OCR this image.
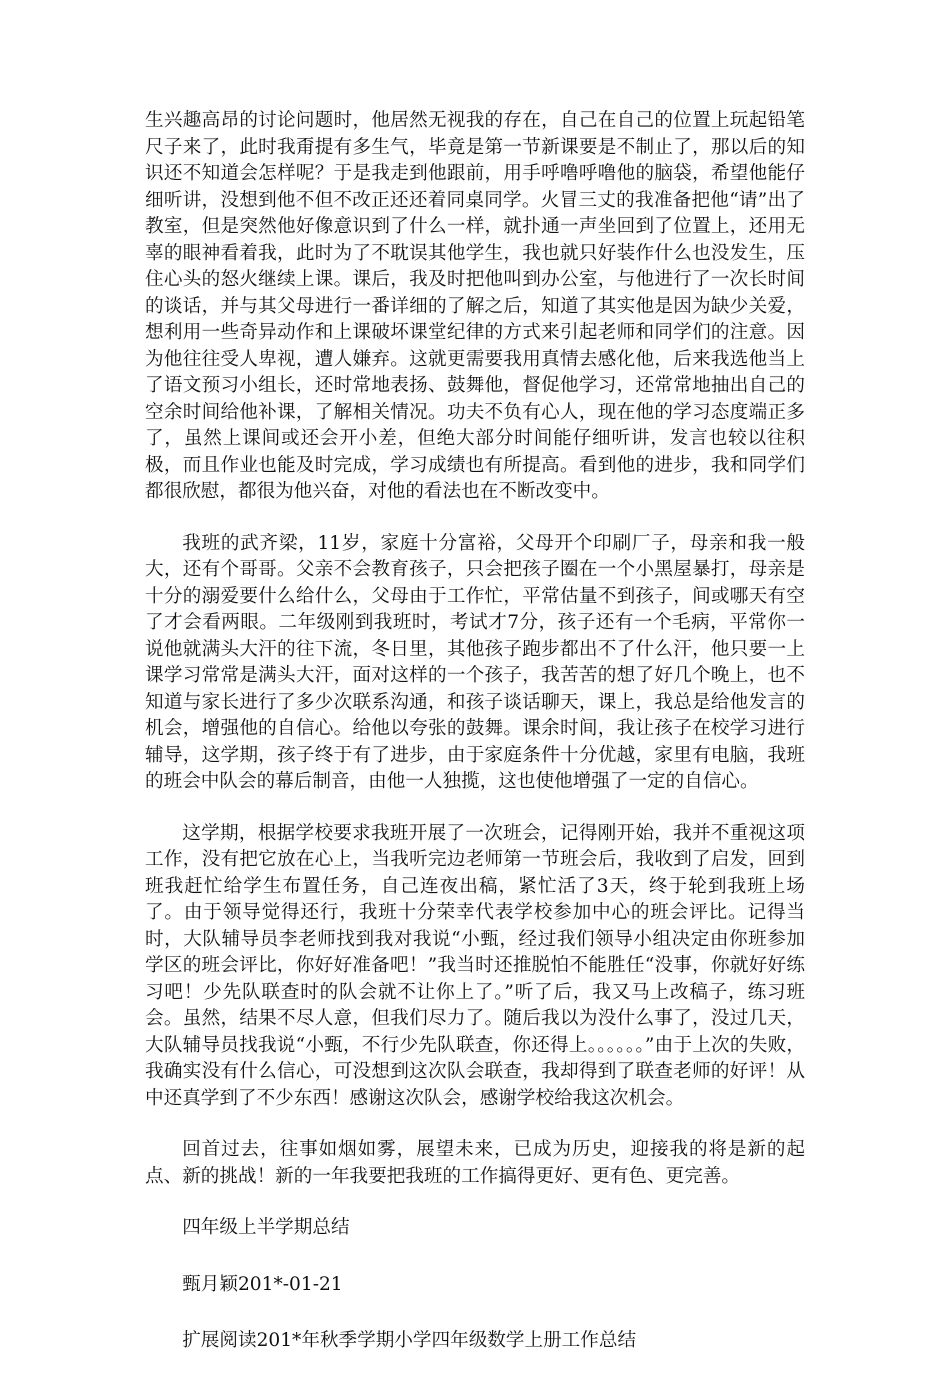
生兴趣高昂的讨论问题时，他居然无视我的存在，自己在自己的位置上玩起铅笔尺子来了，此时我甭提有多生气，毕竟是第一节新课要是不制止了，那以后的知识还不知道会怎样呢？于是我走到他跟前，用手呼噜呼噜他的脑袋，希望他能仔细听讲，没想到他不但不改正还还着同桌同学。火冒三丈的我准备把他“请”出了教室，但是突然他好像意识到了什么一样，就扑通一声坐回到了位置上，还用无辜的眼神看着我，此时为了不耽误其他学生，我也就只好装作什么也没发生，压住心头的怒火继续上课。课后，我及时把他叫到办公室，与他进行了一次长时间的谈话，并与其父母进行一番详细的了解之后，知道了其实他是因为缺少关爱，想利用一些奇异动作和上课破坏课堂纪律的方式来引起老师和同学们的注意。因为他往往受人卑视，遭人嫌弃。这就更需要我用真情去感化他，后来我选他当上了语文预习小组长，还时常地表扬、鼓舞他，督促他学习，还常常地抽出自己的空余时间给他补课，了解相关情况。功夫不负有心人，现在他的学习态度端正多了，虽然上课间或还会开小差，但绝大部分时间能仔细听讲，发言也较以往积极，而且作业也能及时完成，学习成绩也有所提高。看到他的进步，我和同学们都很欣慰，都很为他兴奋，对他的看法也在不断改变中。

我班的武齐梁，11岁，家庭十分富裕，父母开个印刷厂子，母亲和我一般大，还有个哥哥。父亲不会教育孩子，只会把孩子圈在一个小黑屋暴打，母亲是十分的溺爱要什么给什么，父母由于工作忙，平常估量不到孩子，间或哪天有空了才会看两眼。二年级刚到我班时，考试才7分，孩子还有一个毛病，平常你一说他就满头大汗的往下流，冬日里，其他孩子跑步都出不了什么汗，他只要一上课学习常常是满头大汗，面对这样的一个孩子，我苦苦的想了好几个晚上，也不知道与家长进行了多少次联系沟通，和孩子谈话聊天，课上，我总是给他发言的机会，增强他的自信心。给他以夸张的鼓舞。课余时间，我让孩子在校学习进行辅导，这学期，孩子终于有了进步，由于家庭条件十分优越，家里有电脑，我班的班会中队会的幕后制音，由他一人独揽，这也使他增强了一定的自信心。

这学期，根据学校要求我班开展了一次班会，记得刚开始，我并不重视这项工作，没有把它放在心上，当我听完边老师第一节班会后，我收到了启发，回到班我赶忙给学生布置任务，自己连夜出稿，紧忙活了3天，终于轮到我班上场了。由于领导觉得还行，我班十分荣幸代表学校参加中心的班会评比。记得当时，大队辅导员李老师找到我对我说“小甄，经过我们领导小组决定由你班参加学区的班会评比，你好好准备吧！”我当时还推脱怕不能胜任“没事，你就好好练习吧！少先队联查时的队会就不让你上了。”听了后，我又马上改稿子，练习班会。虽然，结果不尽人意，但我们尽力了。随后我以为没什么事了，没过几天，大队辅导员找我说“小甄，不行少先队联查，你还得上。。。。。。”由于上次的失败，我确实没有什么信心，可没想到这次队会联查，我却得到了联查老师的好评！从中还真学到了不少东西！感谢这次队会，感谢学校给我这次机会。

回首过去，往事如烟如雾，展望未来，已成为历史，迎接我的将是新的起点、新的挑战！新的一年我要把我班的工作搞得更好、更有色、更完善。

四年级上半学期总结

甄月颖201*-01-21

扩展阅读201*年秋季学期小学四年级数学上册工作总结
